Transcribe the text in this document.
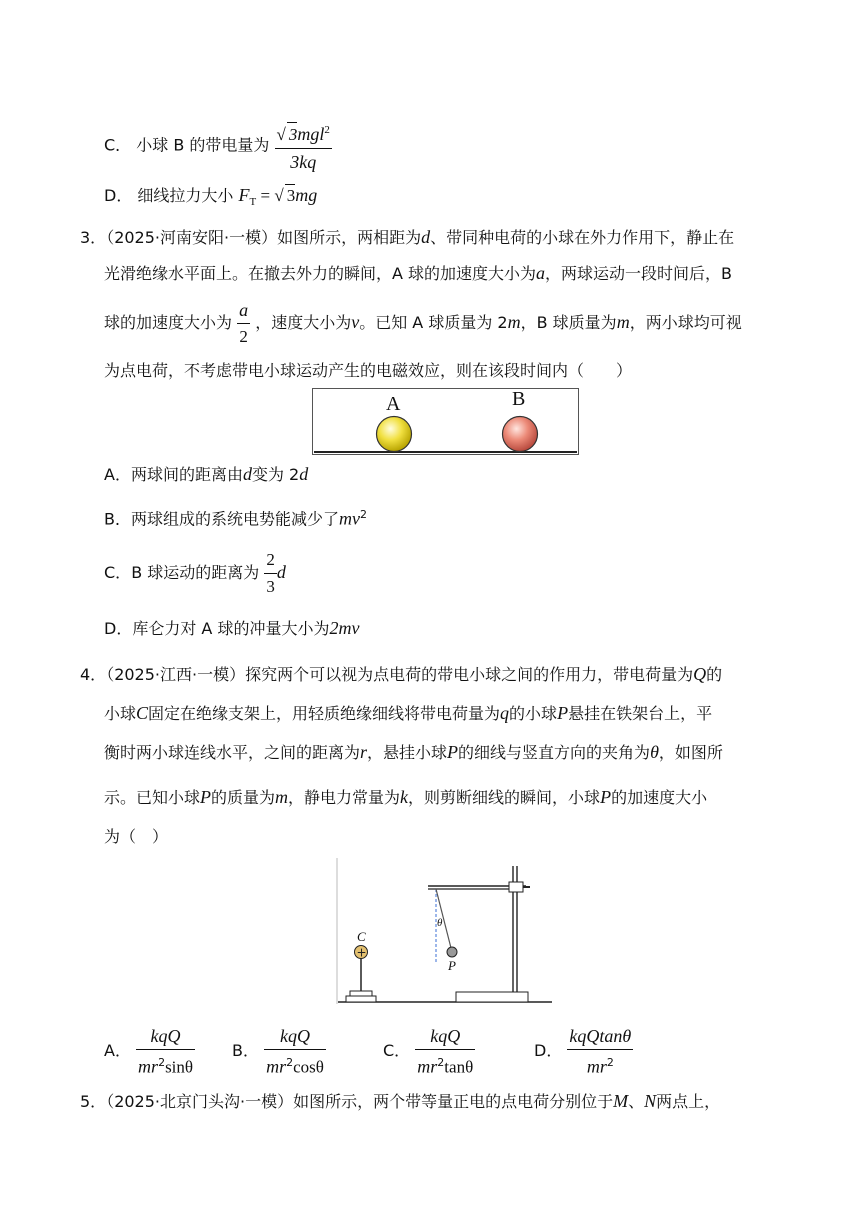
C． 小球 B 的带电量为 $\frac{√ 3mgl^2}{3kq}$
D． 细线拉力大小 $F_T$ = √ 3mg
3．（2025·河南安阳·一模）如图所示，两相距为d、带同种电荷的小球在外力作用下，静止在
光滑绝缘水平面上。在撤去外力的瞬间，A 球的加速度大小为a，两球运动一段时间后，B
球的加速度大小为 $\frac{a}{2}$ ，速度大小为v。已知 A 球质量为 2m，B 球质量为m，两小球均可视
为点电荷，不考虑带电小球运动产生的电磁效应，则在该段时间内（　　）
A	B
A．两球间的距离由d变为 2d
B．两球组成的系统电势能减少了$mv^2$
C．B 球运动的距离为 $\frac{2}{3}$ d
D．库仑力对 A 球的冲量大小为2mv
4．（2025·江西·一模）探究两个可以视为点电荷的带电小球之间的作用力，带电荷量为Q的
小球C固定在绝缘支架上，用轻质绝缘细线将带电荷量为q的小球P悬挂在铁架台上，平
衡时两小球连线水平，之间的距离为r，悬挂小球P的细线与竖直方向的夹角为θ，如图所
示。已知小球P的质量为m，静电力常量为k，则剪断细线的瞬间，小球P的加速度大小
为（　）
+
C
P
θ
A． $\frac{\text{kqQ}}{mr^2\sin\theta}$ B． $\frac{\text{kqQ}}{mr^2\cos\theta}$	C． $\frac{\text{kqQ}}{mr^2\tan\theta}$	D． $\frac{\text{kqQtanθ}}{mr^2}$
5．（2025·北京门头沟·一模）如图所示，两个带等量正电的点电荷分别位于M、N两点上，
